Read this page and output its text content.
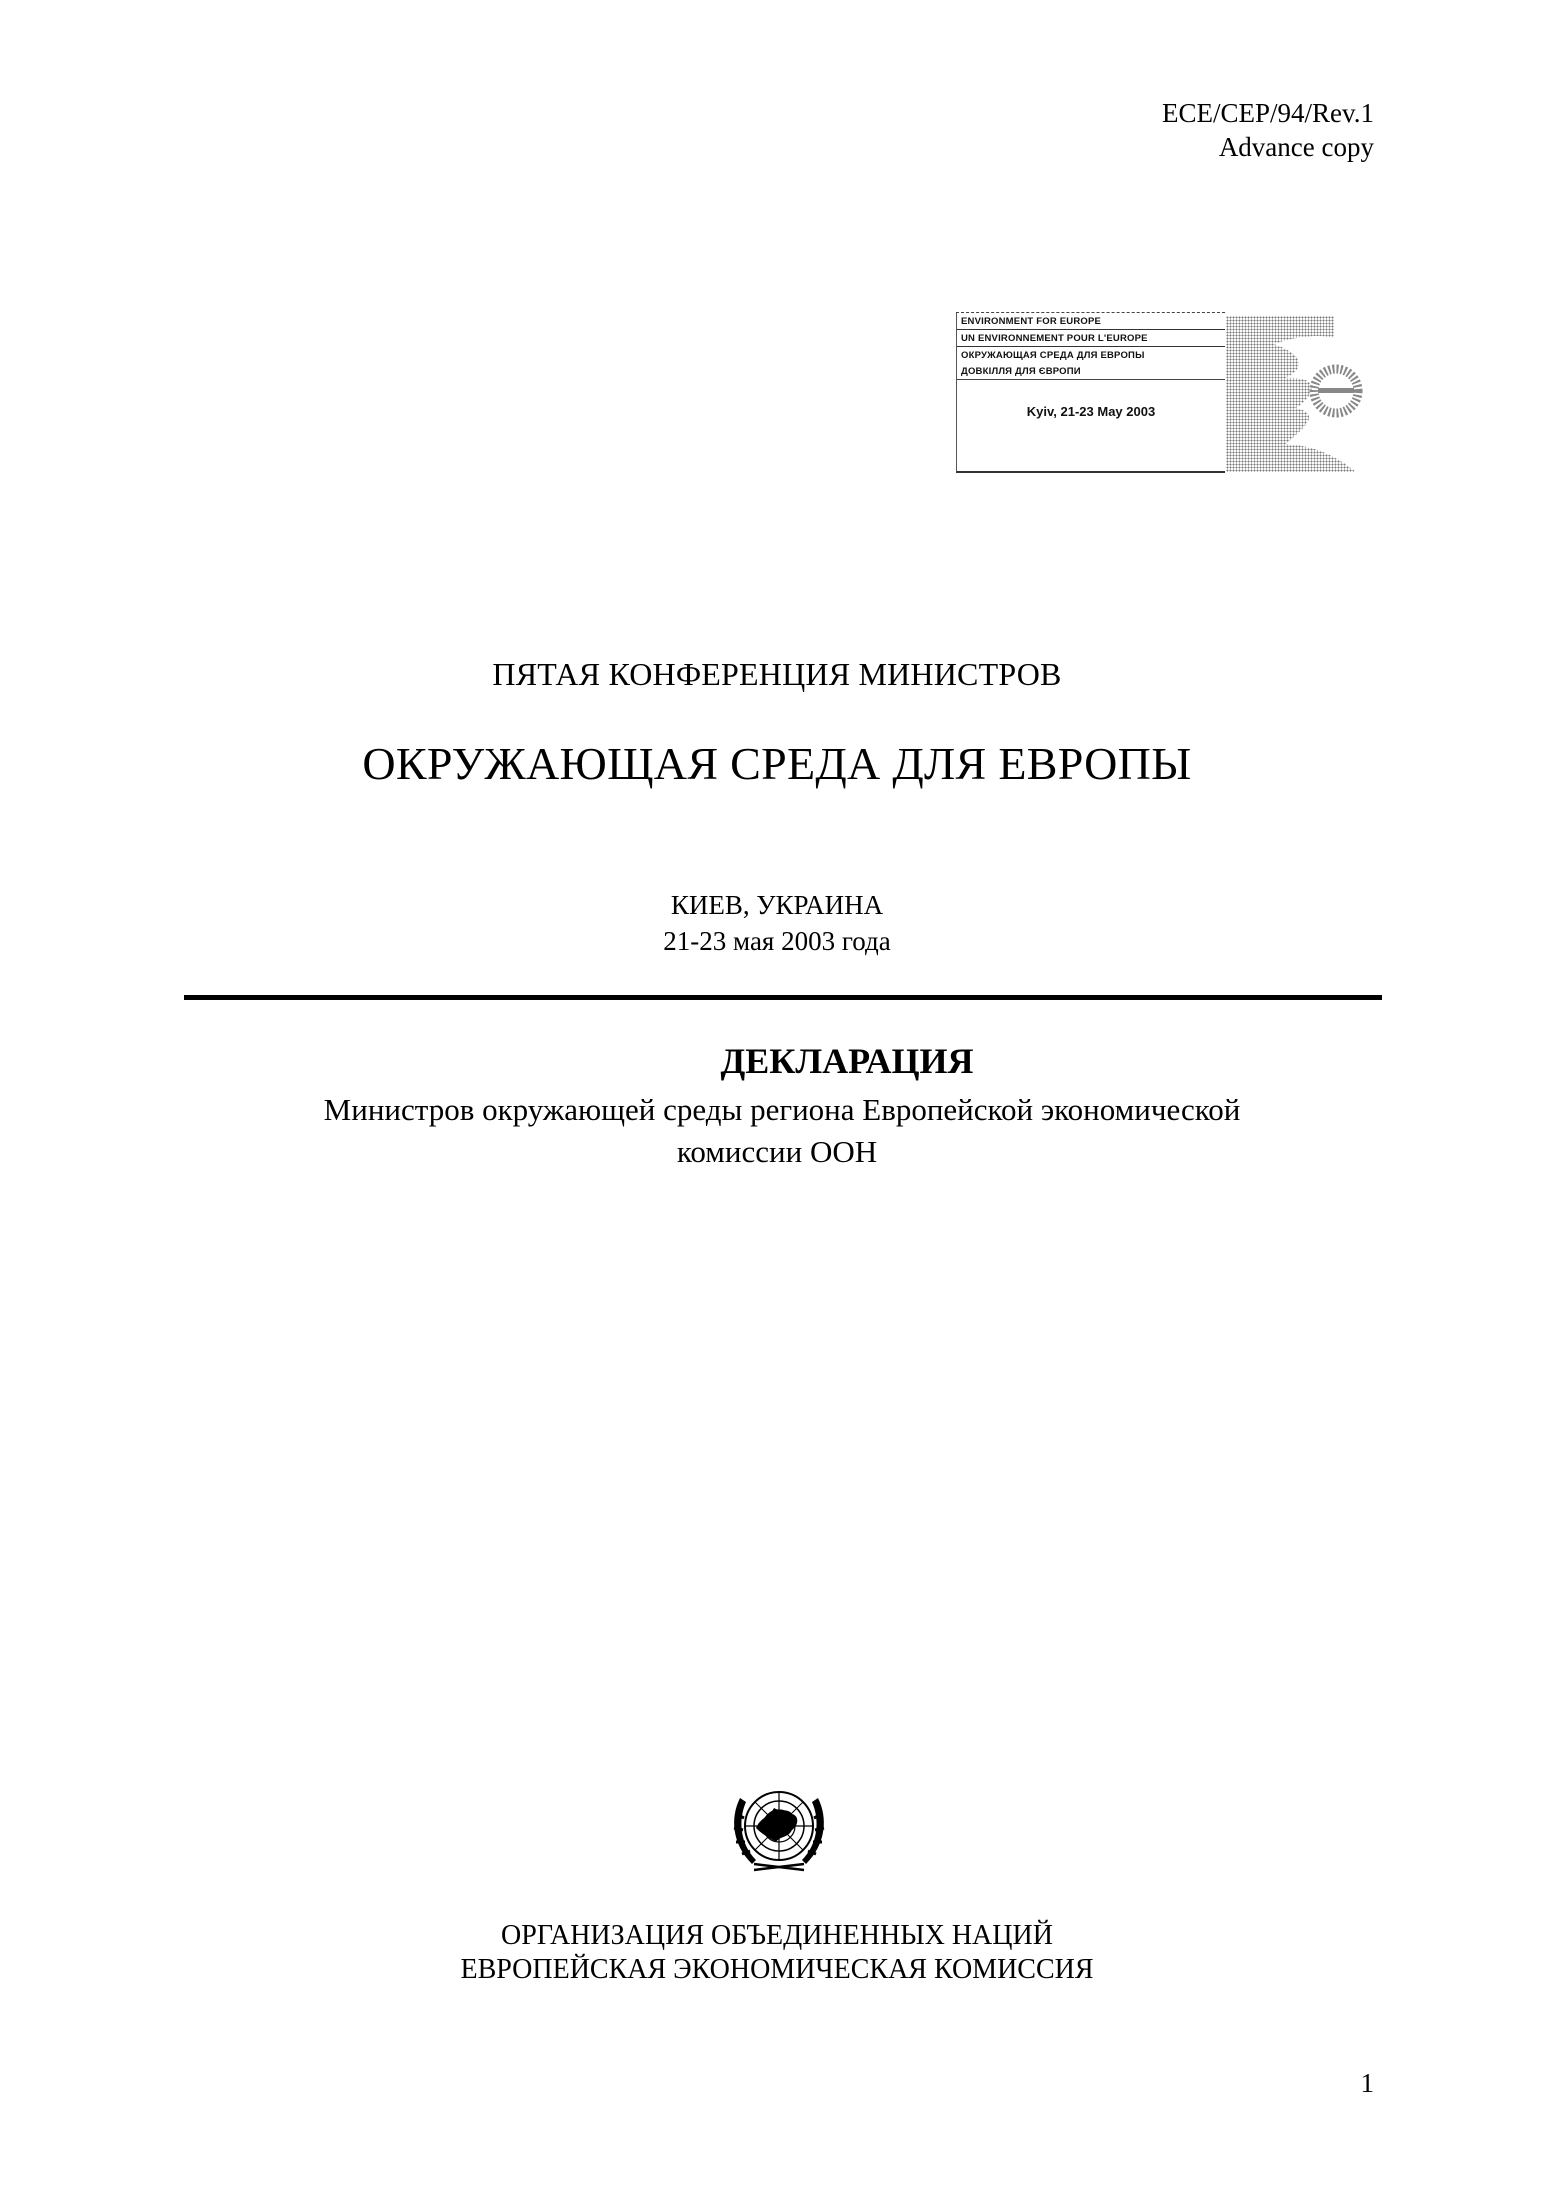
ECE/CEP/94/Rev.1
Advance copy
ENVIRONMENT FOR EUROPE
UN ENVIRONNEMENT POUR L'EUROPE
ОКРУЖАЮЩАЯ СРЕДА ДЛЯ ЕВРОПЫ
ДОВКІЛЛЯ ДЛЯ ЄВРОПИ
Kyiv, 21-23 May 2003
ПЯТАЯ КОНФЕРЕНЦИЯ МИНИСТРОВ
ОКРУЖАЮЩАЯ СРЕДА ДЛЯ ЕВРОПЫ
КИЕВ, УКРАИНА
21-23 мая 2003 года
ДЕКЛАРАЦИЯ
Министров окружающей среды региона Европейской экономической
комиссии ООН
ОРГАНИЗАЦИЯ ОБЪЕДИНЕННЫХ НАЦИЙ
ЕВРОПЕЙСКАЯ ЭКОНОМИЧЕСКАЯ КОМИССИЯ
1
